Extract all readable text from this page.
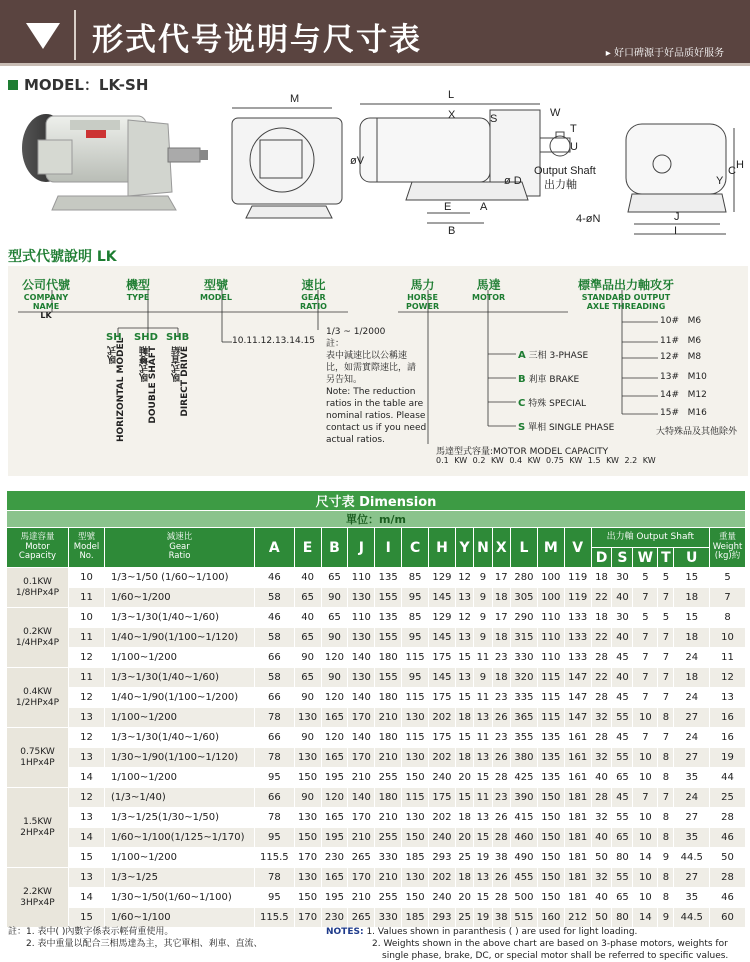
形式代号说明与尺寸表	▸ 好口碑源于好品质好服务
MODEL：LK-SH
M	L
X	S	W
T
U
øV
ø D
E
B
A
Output Shaft
出力軸
4-øN	J
I
C H
Y
型式代號說明 LK
公司代號
COMPANY
NAME
LK
機型
TYPE
型號
MODEL
速比
GEAR
RATIO
馬力
HORSE
POWER
馬達
MOTOR
標準品出力軸攻牙
STANDARD OUTPUT
AXLE THREADING
SH SHD SHB
臥式
HORIZONTAL MODEL 臥式雙軸
DOUBLE SHAFT 臥式直結
DIRECT DRIVE
10.11.12.13.14.15
1/3 ~ 1/2000
註：
表中減速比以公稱速
比，如需實際速比，請
另告知。
Note: The reduction
ratios in the table are
nominal ratios. Please
contact us if you need
actual ratios.
A 三相 3-PHASE
B 剎車 BRAKE
C 特殊 SPECIAL
S 單相 SINGLE PHASE
10# M6
11# M6
12# M8
13# M10
14# M12
15# M16
大特殊品及其他除外
馬達型式容量:MOTOR MODEL CAPACITY
0.1 KW 0.2 KW 0.4 KW 0.75 KW 1.5 KW 2.2 KW
尺寸表 Dimension																					
單位：m/m																					
馬達容量
Motor
Capacity	型號
Model
No.	減速比
Gear
Ratio	A	E	B	J	I	C	H	Y	N	X	L	M	V	出力軸 Output Shaft					重量
Weight
(kg)約
																D	S	W	T	U	

0.1KW
1/8HPx4P	10	1/3~1/50 (1/60~1/100)	46	40	65	110	135	85	129	12	9	17	280	100	119	18	30	5	5	15	5
	11	1/60~1/200	58	65	90	130	155	95	145	13	9	18	305	100	119	22	40	7	7	18	7

0.2KW
1/4HPx4P	10	1/3~1/30(1/40~1/60)	46	40	65	110	135	85	129	12	9	17	290	110	133	18	30	5	5	15	8
	11	1/40~1/90(1/100~1/120)	58	65	90	130	155	95	145	13	9	18	315	110	133	22	40	7	7	18	10
	12	1/100~1/200	66	90	120	140	180	115	175	15	11	23	330	110	133	28	45	7	7	24	11

0.4KW
1/2HPx4P	11	1/3~1/30(1/40~1/60)	58	65	90	130	155	95	145	13	9	18	320	115	147	22	40	7	7	18	12
	12	1/40~1/90(1/100~1/200)	66	90	120	140	180	115	175	15	11	23	335	115	147	28	45	7	7	24	13
	13	1/100~1/200	78	130	165	170	210	130	202	18	13	26	365	115	147	32	55	10	8	27	16

0.75KW
1HPx4P	12	1/3~1/30(1/40~1/60)	66	90	120	140	180	115	175	15	11	23	355	135	161	28	45	7	7	24	16
	13	1/30~1/90(1/100~1/120)	78	130	165	170	210	130	202	18	13	26	380	135	161	32	55	10	8	27	19
	14	1/100~1/200	95	150	195	210	255	150	240	20	15	28	425	135	161	40	65	10	8	35	44

1.5KW
2HPx4P	12	(1/3~1/40)	66	90	120	140	180	115	175	15	11	23	390	150	181	28	45	7	7	24	25
	13	1/3~1/25(1/30~1/50)	78	130	165	170	210	130	202	18	13	26	415	150	181	32	55	10	8	27	28
	14	1/60~1/100(1/125~1/170)	95	150	195	210	255	150	240	20	15	28	460	150	181	40	65	10	8	35	46
	15	1/100~1/200	115.5	170	230	265	330	185	293	25	19	38	490	150	181	50	80	14	9	44.5	50

2.2KW
3HPx4P	13	1/3~1/25	78	130	165	170	210	130	202	18	13	26	455	150	181	32	55	10	8	27	28
	14	1/30~1/50(1/60~1/100)	95	150	195	210	255	150	240	20	15	28	500	150	181	40	65	10	8	35	46
	15	1/60~1/100	115.5	170	230	265	330	185	293	25	19	38	515	160	212	50	80	14	9	44.5	60
註：1. 表中( )內數字係表示輕荷重使用。
2. 表中重量以配合三相馬達為主，其它單相、剎車、直流、
NOTES: 1. Values shown in paranthesis ( ) are used for light loading.
2. Weights shown in the above chart are based on 3-phase motors, weights for
single phase, brake, DC, or special motor shall be referred to specific values.
